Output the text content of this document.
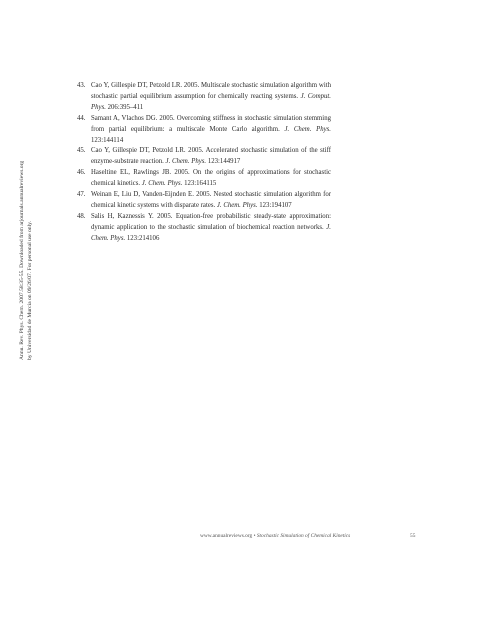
43. Cao Y, Gillespie DT, Petzold LR. 2005. Multiscale stochastic simulation algorithm with stochastic partial equilibrium assumption for chemically reacting systems. J. Comput. Phys. 206:395–411
44. Samant A, Vlachos DG. 2005. Overcoming stiffness in stochastic simulation stemming from partial equilibrium: a multiscale Monte Carlo algorithm. J. Chem. Phys. 123:144114
45. Cao Y, Gillespie DT, Petzold LR. 2005. Accelerated stochastic simulation of the stiff enzyme-substrate reaction. J. Chem. Phys. 123:144917
46. Haseltine EL, Rawlings JB. 2005. On the origins of approximations for stochastic chemical kinetics. J. Chem. Phys. 123:164115
47. Weinan E, Liu D, Vanden-Eijnden E. 2005. Nested stochastic simulation algorithm for chemical kinetic systems with disparate rates. J. Chem. Phys. 123:194107
48. Salis H, Kaznessis Y. 2005. Equation-free probabilistic steady-state approximation: dynamic application to the stochastic simulation of biochemical reaction networks. J. Chem. Phys. 123:214106
Annu. Rev. Phys. Chem. 2007.58:35-55. Downloaded from arjournals.annualreviews.org by Universidad de Murcia on 09/26/07. For personal use only.
www.annualreviews.org • Stochastic Simulation of Chemical Kinetics	55
